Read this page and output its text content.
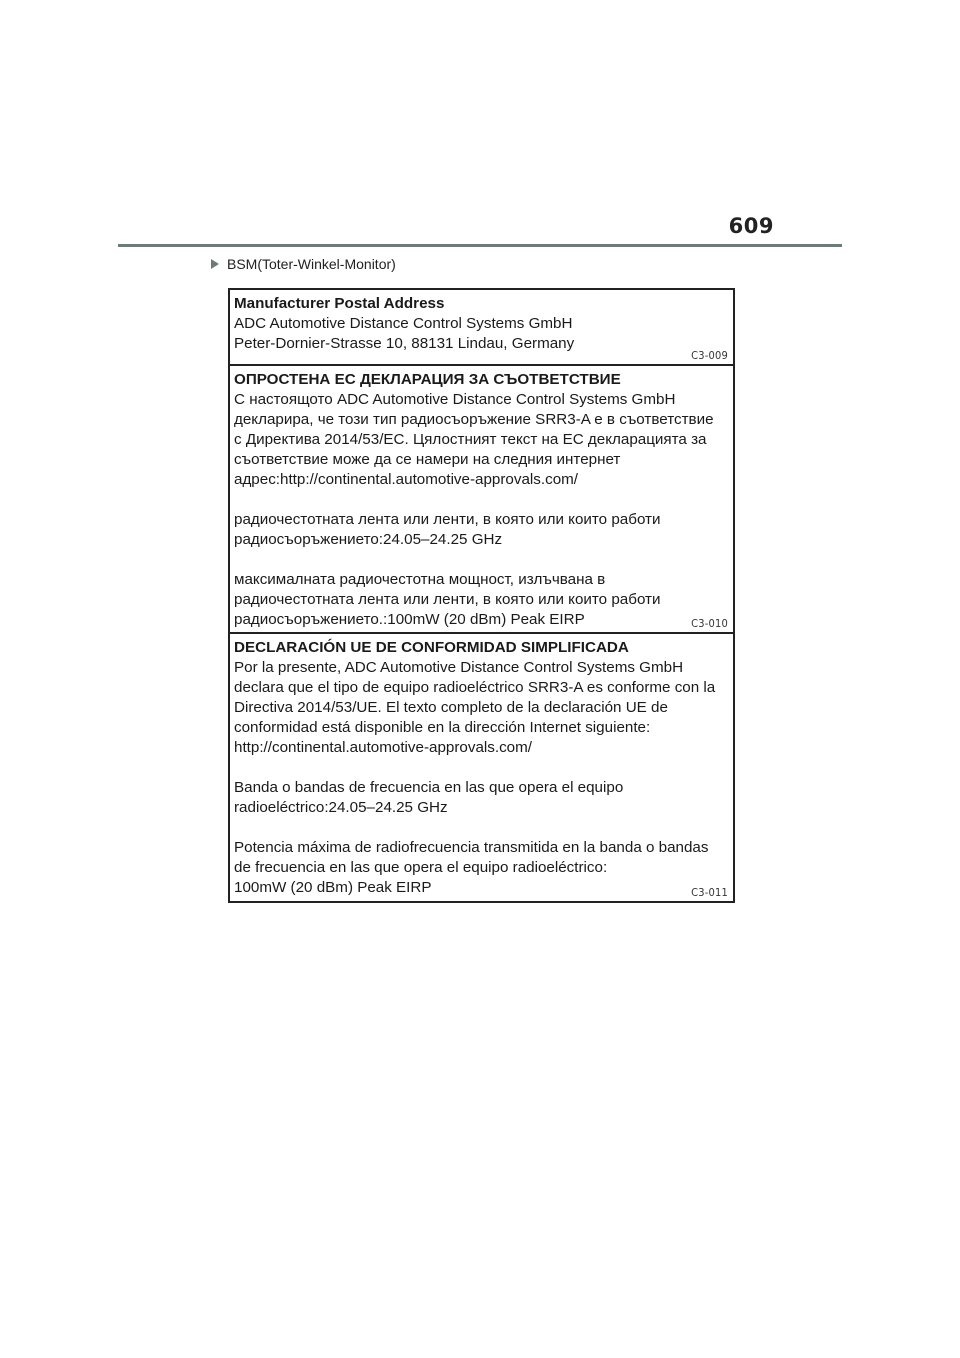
609
BSM(Toter-Winkel-Monitor)
Manufacturer Postal Address
ADC Automotive Distance Control Systems GmbH
Peter-Dornier-Strasse 10, 88131 Lindau, Germany
C3-009
ОПРОСТЕНА ЕС ДЕКЛАРАЦИЯ ЗА СЪОТВЕТСТВИЕ
С настоящото ADC Automotive Distance Control Systems GmbH
декларира, че този тип радиосъоръжение SRR3-A е в съответствие
с Директива 2014/53/ЕС. Цялостният текст на ЕС декларацията за
съответствие може да се намери на следния интернет
адрес:http://continental.automotive-approvals.com/
радиочестотната лента или ленти, в която или които работи
радиосъоръжението:24.05–24.25 GHz
максималната радиочестотна мощност, излъчвана в
радиочестотната лента или ленти, в която или които работи
радиосъоръжението.:100mW (20 dBm) Peak EIRP	C3-010
DECLARACIÓN UE DE CONFORMIDAD SIMPLIFICADA
Por la presente, ADC Automotive Distance Control Systems GmbH
declara que el tipo de equipo radioeléctrico SRR3-A es conforme con la
Directiva 2014/53/UE. El texto completo de la declaración UE de
conformidad está disponible en la dirección Internet siguiente:
http://continental.automotive-approvals.com/
Banda o bandas de frecuencia en las que opera el equipo
radioeléctrico:24.05–24.25 GHz
Potencia máxima de radiofrecuencia transmitida en la banda o bandas
de frecuencia en las que opera el equipo radioeléctrico:
100mW (20 dBm) Peak EIRP	C3-011
